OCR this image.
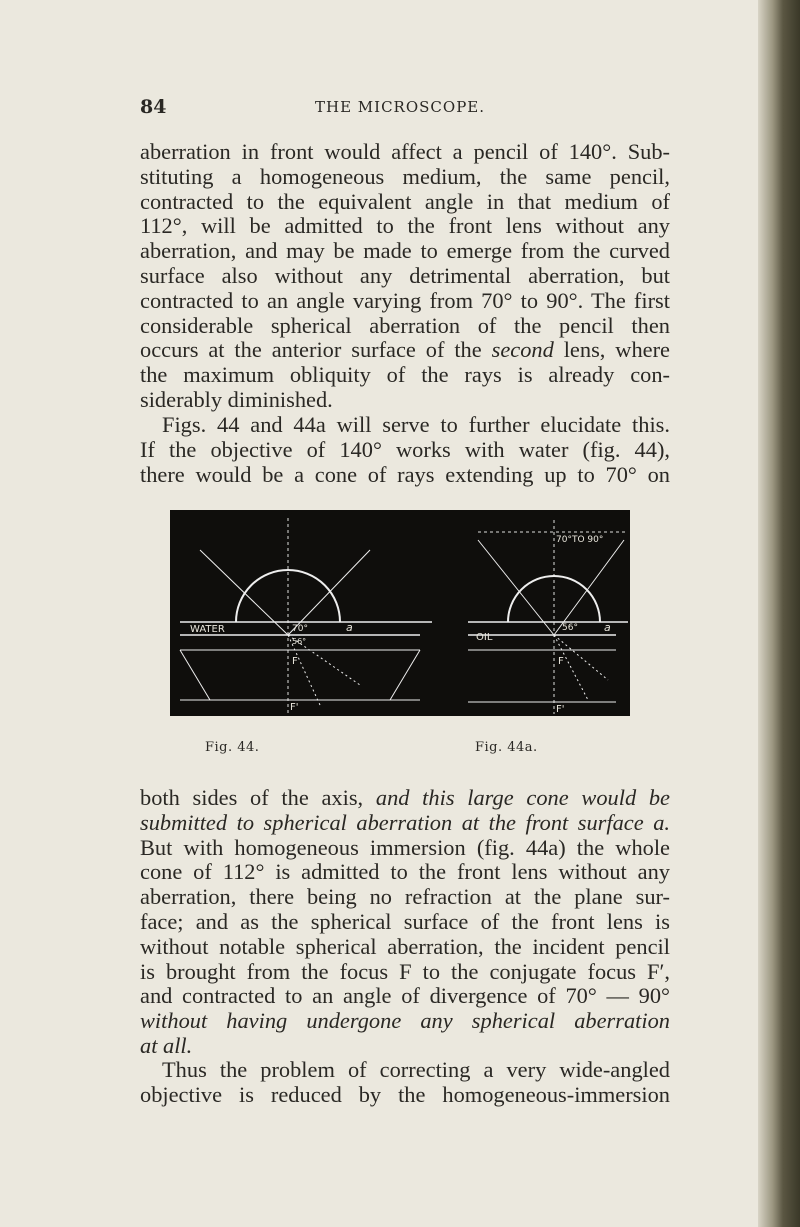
84	THE MICROSCOPE.

aberration in front would affect a pencil of 140°. Sub-
stituting a homogeneous medium, the same pencil,
contracted to the equivalent angle in that medium of
112°, will be admitted to the front lens without any
aberration, and may be made to emerge from the curved
surface also without any detrimental aberration, but
contracted to an angle varying from 70° to 90°. The first
considerable spherical aberration of the pencil then
occurs at the anterior surface of the second lens, where
the maximum obliquity of the rays is already con-
siderably diminished.

Figs. 44 and 44a will serve to further elucidate this.
If the objective of 140° works with water (fig. 44),
there would be a cone of rays extending up to 70° on

WATER	70°
56°
a
F
F'
70°TO 90°
OIL
56° a
F
F'
Fig. 44.	Fig. 44a.

both sides of the axis, and this large cone would be
submitted to spherical aberration at the front surface a.
But with homogeneous immersion (fig. 44a) the whole
cone of 112° is admitted to the front lens without any
aberration, there being no refraction at the plane sur-
face; and as the spherical surface of the front lens is
without notable spherical aberration, the incident pencil
is brought from the focus F to the conjugate focus F′,
and contracted to an angle of divergence of 70° — 90°
without having undergone any spherical aberration
at all.

Thus the problem of correcting a very wide-angled
objective is reduced by the homogeneous-immersion
